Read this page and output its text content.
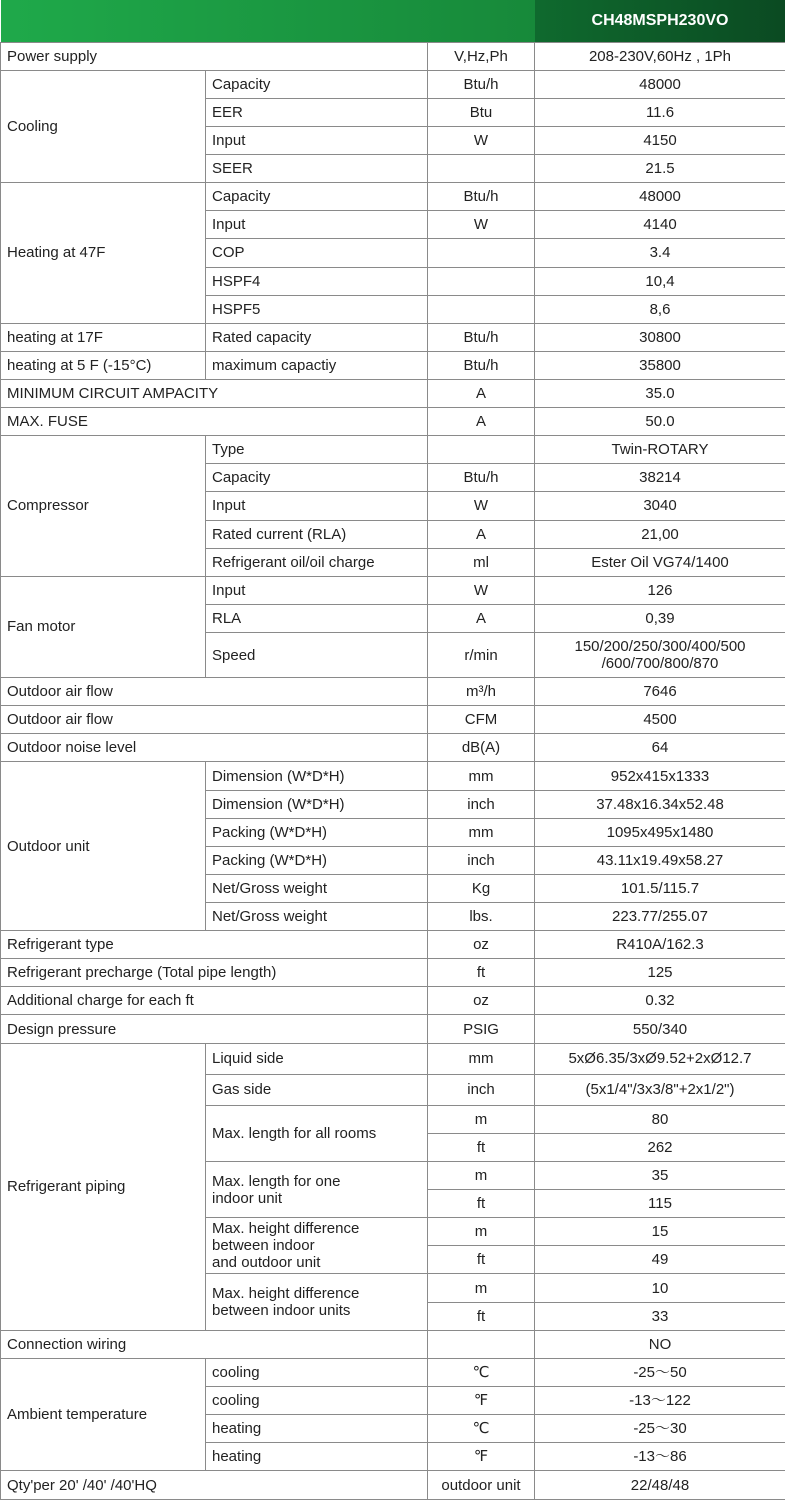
			CH48MSPH230VO
Power supply		V,Hz,Ph	208-230V,60Hz , 1Ph
Cooling	Capacity	Btu/h	48000
	EER	Btu	11.6
	Input	W	4150
	SEER		21.5
Heating at 47F	Capacity	Btu/h	48000
	Input	W	4140
	COP		3.4
	HSPF4		10,4
	HSPF5		8,6
heating at 17F	Rated capacity	Btu/h	30800
heating at 5 F (-15°C)	maximum capactiy	Btu/h	35800
MINIMUM CIRCUIT AMPACITY		A	35.0
MAX. FUSE		A	50.0
Compressor	Type		Twin-ROTARY
	Capacity	Btu/h	38214
	Input	W	3040
	Rated current (RLA)	A	21,00
	Refrigerant oil/oil charge	ml	Ester Oil VG74/1400
Fan motor	Input	W	126
	RLA	A	0,39
	Speed	r/min	150/200/250/300/400/500
/600/700/800/870
Outdoor air flow		m³/h	7646
Outdoor air flow		CFM	4500
Outdoor noise level		dB(A)	64
Outdoor unit	Dimension (W*D*H)	mm	952x415x1333
	Dimension (W*D*H)	inch	37.48x16.34x52.48
	Packing (W*D*H)	mm	1095x495x1480
	Packing (W*D*H)	inch	43.11x19.49x58.27
	Net/Gross weight	Kg	101.5/115.7
	Net/Gross weight	lbs.	223.77/255.07
Refrigerant type		oz	R410A/162.3
Refrigerant precharge (Total pipe length)		ft	125
Additional charge for each ft		oz	0.32
Design pressure		PSIG	550/340
Refrigerant piping	Liquid side	mm	5xØ6.35/3xØ9.52+2xØ12.7
	Gas side	inch	(5x1/4"/3x3/8"+2x1/2")
	Max. length for all rooms	m	80
		ft	262
	Max. length for one
indoor unit	m	35
		ft	115
	Max. height difference
between indoor
and outdoor unit	m	15
		ft	49
	Max. height difference
between indoor units	m	10
		ft	33
Connection wiring			NO
Ambient temperature	cooling	℃	-25～50
	cooling	℉	-13～122
	heating	℃	-25～30
	heating	℉	-13～86
Qty'per 20' /40' /40'HQ		outdoor unit	22/48/48
